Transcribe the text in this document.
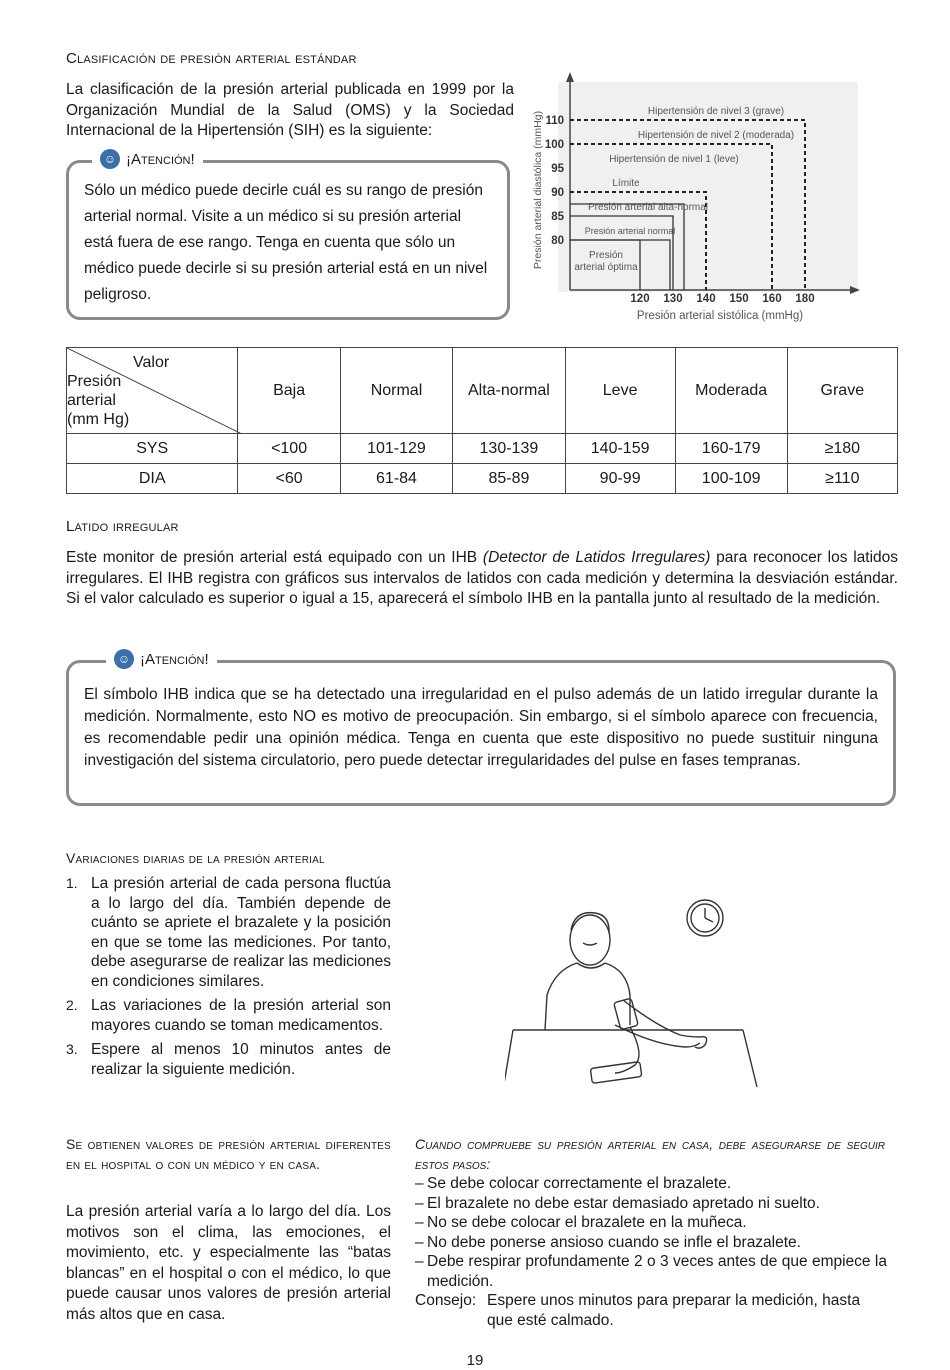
Clasificación de presión arterial estándar
La clasificación de la presión arterial publicada en 1999 por la Organización Mundial de la Salud (OMS) y la Sociedad Internacional de la Hipertensión (SIH) es la siguiente:
☺ ¡Atención!
Sólo un médico puede decirle cuál es su rango de presión arterial normal. Visite a un médico si su presión arterial está fuera de ese rango. Tenga en cuenta que sólo un médico puede decirle si su presión arterial está en un nivel peligroso.
Hipertensión de nivel 3 (grave)
Hipertensión de nivel 2 (moderada)
Hipertensión de nivel 1 (leve)
Límite
Presión arterial alta-normal
Presión arterial normal
Presión
arterial óptima
120 130 140 150 160 180
80
85
90
95
100
110
Presión arterial diastólica (mmHg)
Presión arterial sistólica (mmHg)
Valor
Presión arterial (mm Hg)	Baja	Normal	Alta-normal	Leve	Moderada	Grave
SYS	<100	101-129	130-139	140-159	160-179	≥180
DIA	<60	61-84	85-89	90-99	100-109	≥110
Latido irregular
Este monitor de presión arterial está equipado con un IHB (Detector de Latidos Irregulares) para reconocer los latidos irregulares. El IHB registra con gráficos sus intervalos de latidos con cada medición y determina la desviación estándar. Si el valor calculado es superior o igual a 15, aparecerá el símbolo IHB en la pantalla junto al resultado de la medición.
☺ ¡Atención!
El símbolo IHB indica que se ha detectado una irregularidad en el pulso además de un latido irregular durante la medición. Normalmente, esto NO es motivo de preocupación. Sin embargo, si el símbolo aparece con frecuencia, es recomendable pedir una opinión médica. Tenga en cuenta que este dispositivo no puede sustituir ninguna investigación del sistema circulatorio, pero puede detectar irregularidades del pulse en fases tempranas.
Variaciones diarias de la presión arterial
1. La presión arterial de cada persona fluctúa a lo largo del día. También depende de cuánto se apriete el brazalete y la posición en que se tome las mediciones. Por tanto, debe asegurarse de realizar las mediciones en condiciones similares.
2. Las variaciones de la presión arterial son mayores cuando se toman medicamentos.
3. Espere al menos 10 minutos antes de realizar la siguiente medición.
Se obtienen valores de presión arterial diferentes en el hospital o con un médico y en casa.
La presión arterial varía a lo largo del día. Los motivos son el clima, las emociones, el movimiento, etc. y especialmente las “batas blancas” en el hospital o con el médico, lo que puede causar unos valores de presión arterial más altos que en casa.
Cuando compruebe su presión arterial en casa, debe asegurarse de seguir estos pasos:
– Se debe colocar correctamente el brazalete.
– El brazalete no debe estar demasiado apretado ni suelto.
– No se debe colocar el brazalete en la muñeca.
– No debe ponerse ansioso cuando se infle el brazalete.
– Debe respirar profundamente 2 o 3 veces antes de que empiece la medición.
Consejo: Espere unos minutos para preparar la medición, hasta que esté calmado.
19
